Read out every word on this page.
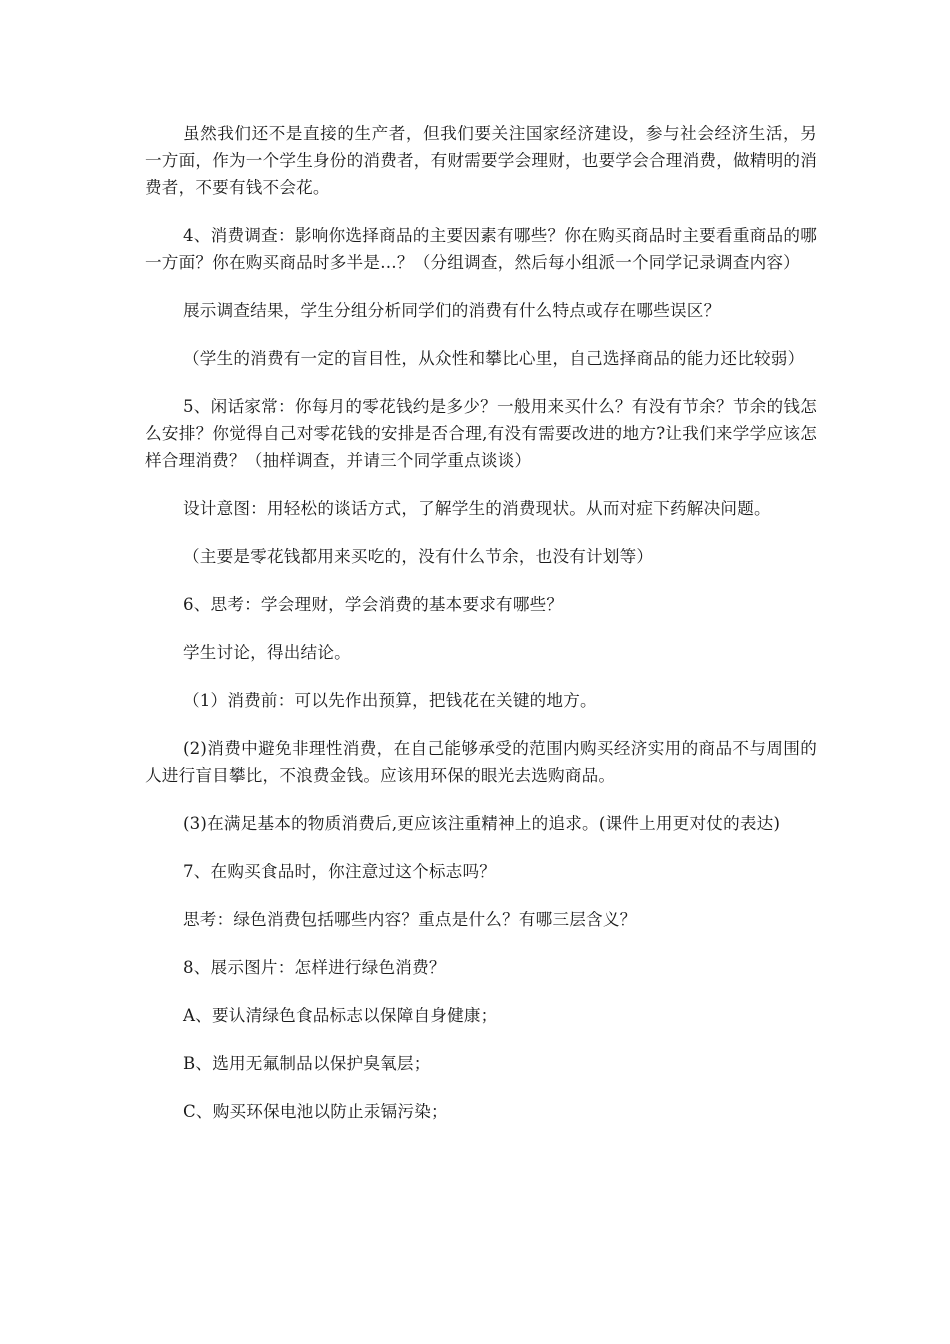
虽然我们还不是直接的生产者，但我们要关注国家经济建设，参与社会经济生活，另一方面，作为一个学生身份的消费者，有财需要学会理财，也要学会合理消费，做精明的消费者，不要有钱不会花。

4、消费调查：影响你选择商品的主要因素有哪些？你在购买商品时主要看重商品的哪一方面？你在购买商品时多半是…？（分组调查，然后每小组派一个同学记录调查内容）

展示调查结果，学生分组分析同学们的消费有什么特点或存在哪些误区？

（学生的消费有一定的盲目性，从众性和攀比心里，自己选择商品的能力还比较弱）

5、闲话家常：你每月的零花钱约是多少？一般用来买什么？有没有节余？节余的钱怎么安排？你觉得自己对零花钱的安排是否合理,有没有需要改进的地方?让我们来学学应该怎样合理消费？（抽样调查，并请三个同学重点谈谈）

设计意图：用轻松的谈话方式，了解学生的消费现状。从而对症下药解决问题。

（主要是零花钱都用来买吃的，没有什么节余，也没有计划等）

6、思考：学会理财，学会消费的基本要求有哪些？

学生讨论，得出结论。

（1）消费前：可以先作出预算，把钱花在关键的地方。

(2)消费中避免非理性消费，在自己能够承受的范围内购买经济实用的商品不与周围的人进行盲目攀比，不浪费金钱。应该用环保的眼光去选购商品。

(3)在满足基本的物质消费后,更应该注重精神上的追求。(课件上用更对仗的表达)

7、在购买食品时，你注意过这个标志吗？

思考：绿色消费包括哪些内容？重点是什么？有哪三层含义？

8、展示图片：怎样进行绿色消费？

A、要认清绿色食品标志以保障自身健康；

B、选用无氟制品以保护臭氧层；

C、购买环保电池以防止汞镉污染；
